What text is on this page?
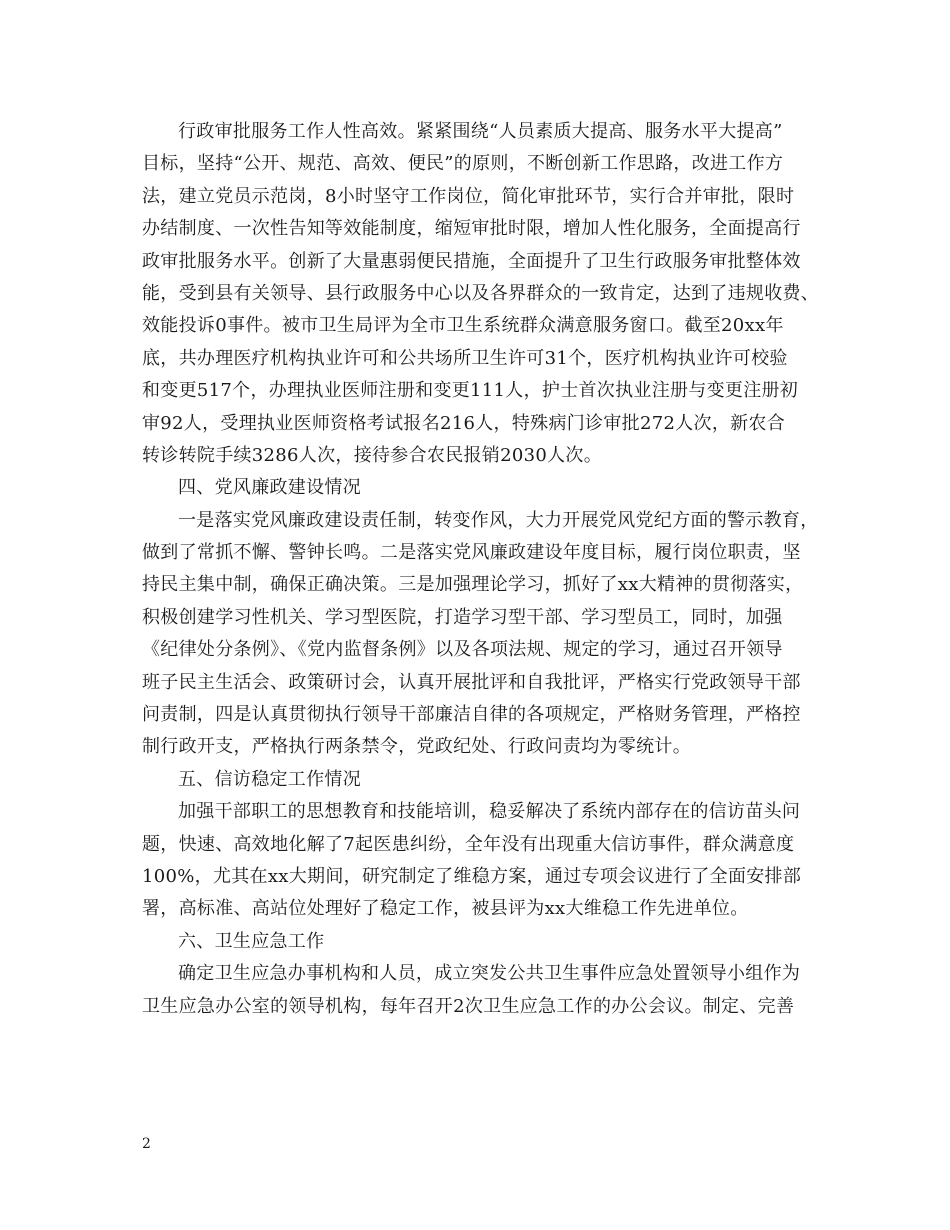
行政审批服务工作人性高效。紧紧围绕“人员素质大提高、服务水平大提高”
目标，坚持“公开、规范、高效、便民”的原则，不断创新工作思路，改进工作方
法，建立党员示范岗，8小时坚守工作岗位，简化审批环节，实行合并审批，限时
办结制度、一次性告知等效能制度，缩短审批时限，增加人性化服务，全面提高行
政审批服务水平。创新了大量惠弱便民措施，全面提升了卫生行政服务审批整体效
能，受到县有关领导、县行政服务中心以及各界群众的一致肯定，达到了违规收费、
效能投诉0事件。被市卫生局评为全市卫生系统群众满意服务窗口。截至20xx年
底，共办理医疗机构执业许可和公共场所卫生许可31个，医疗机构执业许可校验
和变更517个，办理执业医师注册和变更111人，护士首次执业注册与变更注册初
审92人，受理执业医师资格考试报名216人，特殊病门诊审批272人次，新农合
转诊转院手续3286人次，接待参合农民报销2030人次。
四、党风廉政建设情况
一是落实党风廉政建设责任制，转变作风，大力开展党风党纪方面的警示教育，
做到了常抓不懈、警钟长鸣。二是落实党风廉政建设年度目标，履行岗位职责，坚
持民主集中制，确保正确决策。三是加强理论学习，抓好了xx大精神的贯彻落实，
积极创建学习性机关、学习型医院，打造学习型干部、学习型员工，同时，加强
《纪律处分条例》、《党内监督条例》以及各项法规、规定的学习，通过召开领导
班子民主生活会、政策研讨会，认真开展批评和自我批评，严格实行党政领导干部
问责制，四是认真贯彻执行领导干部廉洁自律的各项规定，严格财务管理，严格控
制行政开支，严格执行两条禁令，党政纪处、行政问责均为零统计。
五、信访稳定工作情况
加强干部职工的思想教育和技能培训，稳妥解决了系统内部存在的信访苗头问
题，快速、高效地化解了7起医患纠纷，全年没有出现重大信访事件，群众满意度
100%，尤其在xx大期间，研究制定了维稳方案，通过专项会议进行了全面安排部
署，高标准、高站位处理好了稳定工作，被县评为xx大维稳工作先进单位。
六、卫生应急工作
确定卫生应急办事机构和人员，成立突发公共卫生事件应急处置领导小组作为
卫生应急办公室的领导机构，每年召开2次卫生应急工作的办公会议。制定、完善
2
